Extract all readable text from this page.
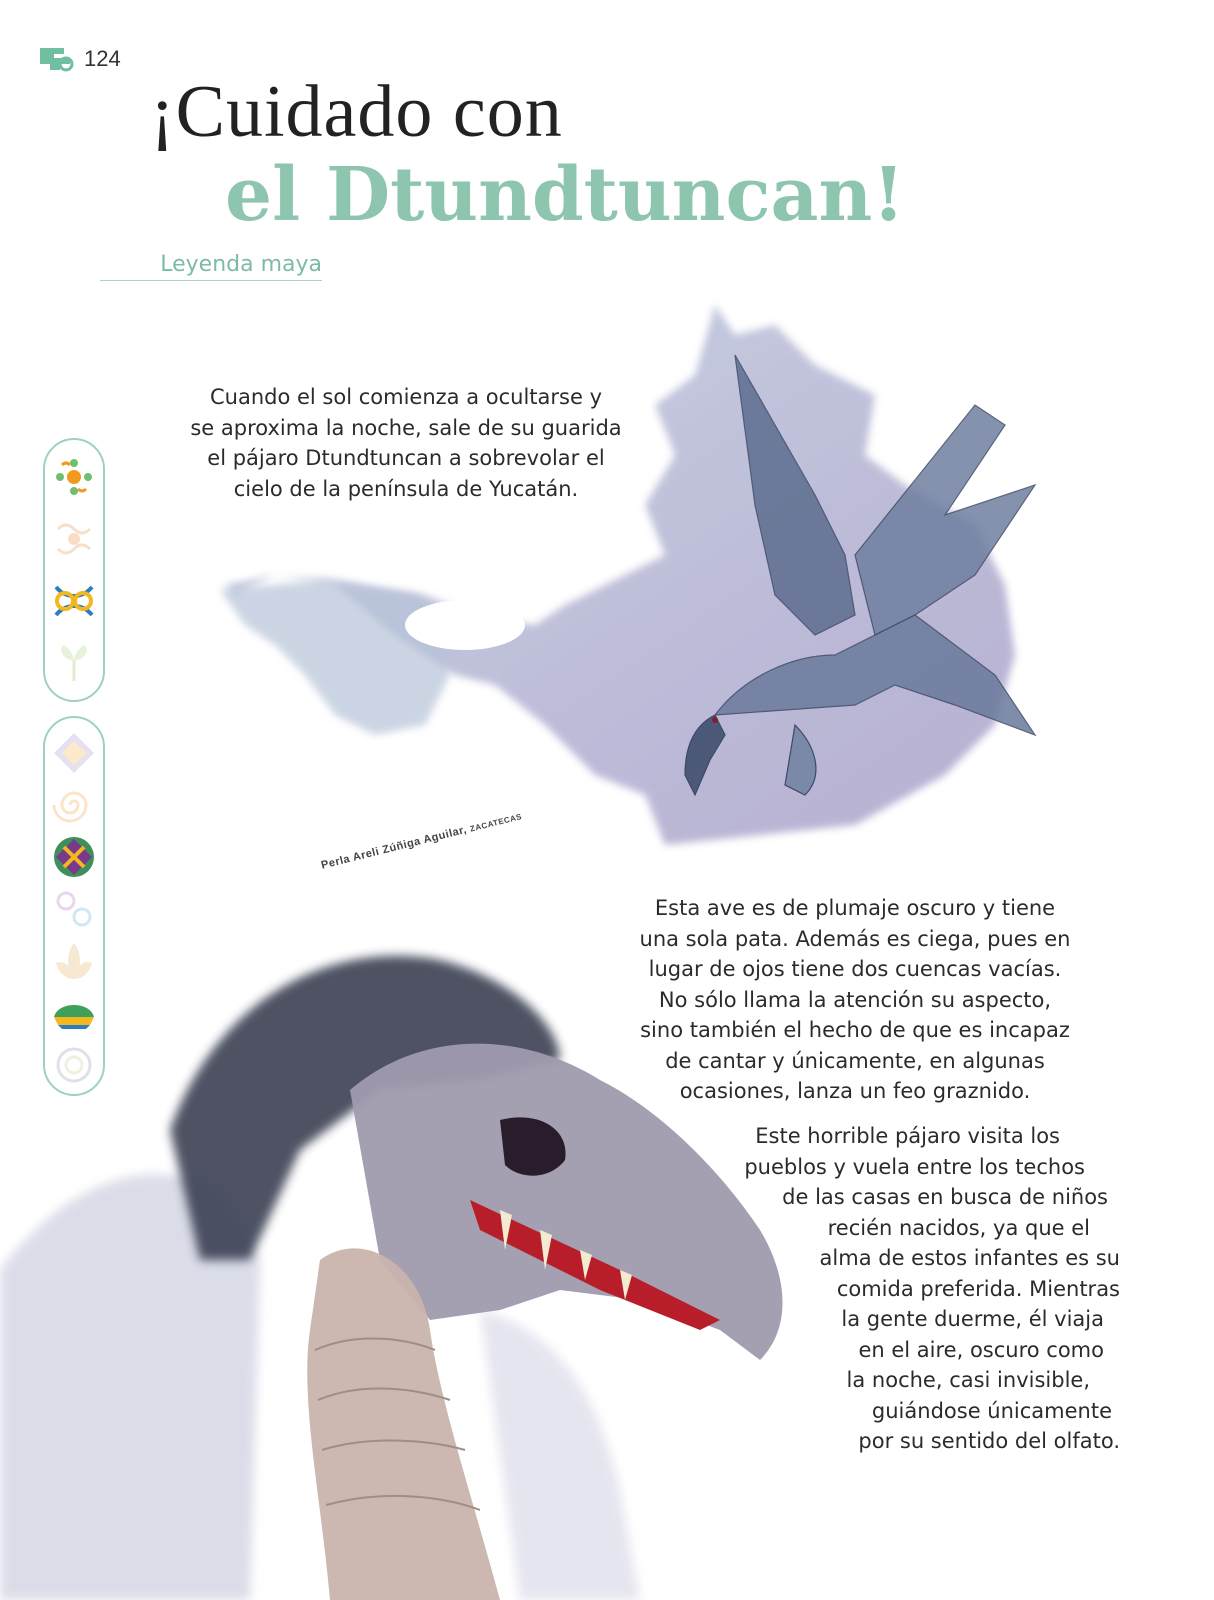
124
¡Cuidado con
el Dtundtuncan!
Leyenda maya
Perla Areli Zúñiga Aguilar, ZACATECAS
Cuando el sol comienza a ocultarse y
se aproxima la noche, sale de su guarida
el pájaro Dtundtuncan a sobrevolar el
cielo de la península de Yucatán.
Esta ave es de plumaje oscuro y tiene
una sola pata. Además es ciega, pues en
lugar de ojos tiene dos cuencas vacías.
No sólo llama la atención su aspecto,
sino también el hecho de que es incapaz
de cantar y únicamente, en algunas
ocasiones, lanza un feo graznido.
Este horrible pájaro visita los
pueblos y vuela entre los techos
de las casas en busca de niños
recién nacidos, ya que el
alma de estos infantes es su
comida preferida. Mientras
la gente duerme, él viaja
en el aire, oscuro como
la noche, casi invisible,
guiándose únicamente
por su sentido del olfato.
